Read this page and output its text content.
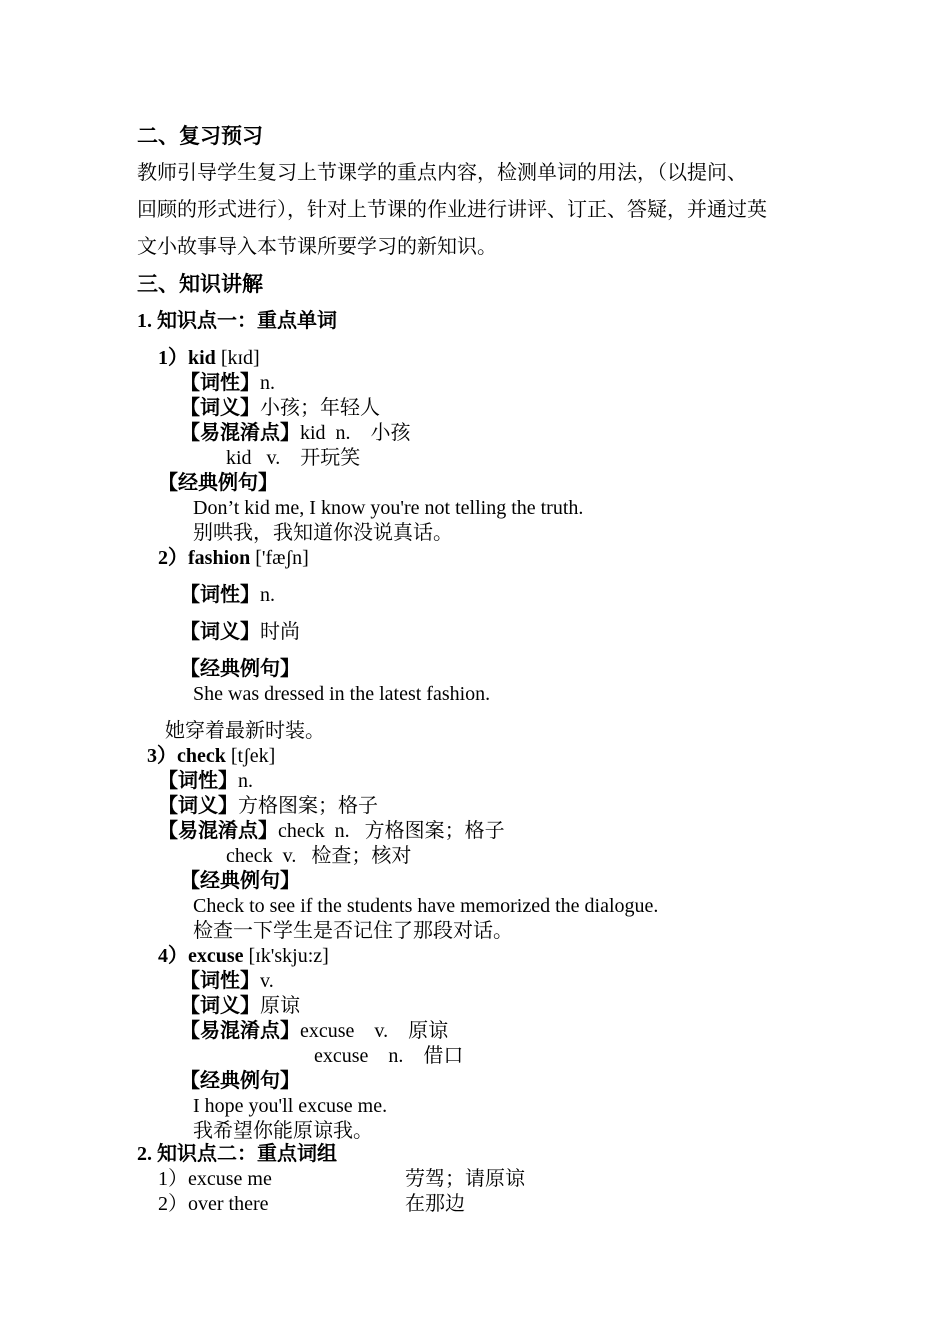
二、复习预习
教师引导学生复习上节课学的重点内容，检测单词的用法，（以提问、
回顾的形式进行），针对上节课的作业进行讲评、订正、答疑，并通过英
文小故事导入本节课所要学习的新知识。
三、知识讲解
1. 知识点一：重点单词
1）kid [kɪd]
【词性】n.
【词义】小孩；年轻人
【易混淆点】kid  n.    小孩
kid   v.    开玩笑
【经典例句】
Don’t kid me, I know you're not telling the truth.
别哄我，我知道你没说真话。
2）fashion ['fæʃn]
【词性】n.
【词义】时尚
【经典例句】
She was dressed in the latest fashion.
她穿着最新时装。
3）check [tʃek]
【词性】n.
【词义】方格图案；格子
【易混淆点】check  n.   方格图案；格子
check  v.   检查；核对
【经典例句】
Check to see if the students have memorized the dialogue.
检查一下学生是否记住了那段对话。
4）excuse [ɪk'skju:z]
【词性】v.
【词义】原谅
【易混淆点】excuse    v.    原谅
excuse    n.    借口
【经典例句】
I hope you'll excuse me.
我希望你能原谅我。
2. 知识点二：重点词组
1）excuse me	劳驾；请原谅
2）over there	在那边
